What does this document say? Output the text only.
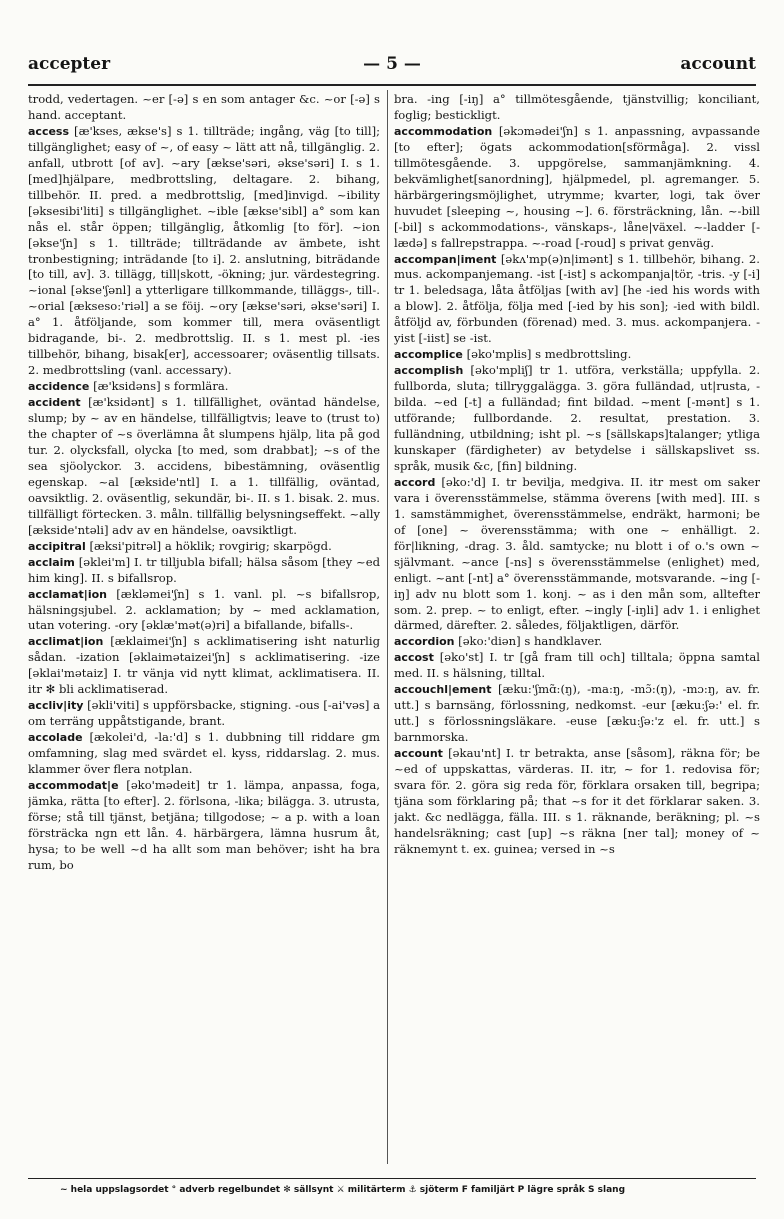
accepter	— 5 —	account

trodd, vedertagen. ~er [-ə] s en som antager &c. ~or [-ə] s hand. acceptant.

access [æ'kses, ækse's] s 1. tillträde; ingång, väg [to till]; tillgänglighet; easy of ~, of easy ~ lätt att nå, tillgänglig. 2. anfall, utbrott [of av]. ~ary [ækse'səri, əkse'səri] I. s 1. [med]hjälpare, medbrottsling, deltagare. 2. bihang, tillbehör. II. pred. a medbrottslig, [med]invigd. ~ibility [əksesibi'liti] s tillgänglighet. ~ible [ækse'sibl] a° som kan nås el. står öppen; tillgänglig, åtkomlig [to för]. ~ion [əkse'ʃn] s 1. tillträde; tillträdande av ämbete, isht tronbestigning; inträdande [to i]. 2. anslutning, biträdande [to till, av]. 3. tillägg, till|skott, -ökning; jur. värdestegring. ~ional [əkse'ʃənl] a ytterligare tillkommande, tilläggs-, till-. ~orial [ækseso:'riəl] a se föij. ~ory [ækse'səri, əkse'səri] I. a° 1. åtföljande, som kommer till, mera oväsentligt bidragande, bi-. 2. medbrottslig. II. s 1. mest pl. -ies tillbehör, bihang, bisak[er], accessoarer; oväsentlig tillsats. 2. medbrottsling (vanl. accessary).

accidence [æ'ksidəns] s formlära.

accident [æ'ksidənt] s 1. tillfällighet, oväntad händelse, slump; by ~ av en händelse, tillfälligtvis; leave to (trust to) the chapter of ~s överlämna åt slumpens hjälp, lita på god tur. 2. olycksfall, olycka [to med, som drabbat]; ~s of the sea sjöolyckor. 3. accidens, bibestämning, oväsentlig egenskap. ~al [ækside'ntl] I. a 1. tillfällig, oväntad, oavsiktlig. 2. oväsentlig, sekundär, bi-. II. s 1. bisak. 2. mus. tillfälligt förtecken. 3. måln. tillfällig belysningseffekt. ~ally [ækside'ntəli] adv av en händelse, oavsiktligt.

accipitral [æksi'pitrəl] a höklik; rovgirig; skarpögd.

acclaim [əklei'm] I. tr tilljubla bifall; hälsa såsom [they ~ed him king]. II. s bifallsrop.

acclamat|ion [ækləmei'ʃn] s 1. vanl. pl. ~s bifallsrop, hälsningsjubel. 2. acklamation; by ~ med acklamation, utan votering. -ory [əklæ'mət(ə)ri] a bifallande, bifalls-.

acclimat|ion [æklaimei'ʃn] s acklimatisering isht naturlig sådan. -ization [əklaimətaizei'ʃn] s acklimatisering. -ize [əklai'mətaiz] I. tr vänja vid nytt klimat, acklimatisera. II. itr ✻ bli acklimatiserad.

accliv|ity [əkli'viti] s uppförsbacke, stigning. -ous [-ai'vəs] a om terräng uppåtstigande, brant.

accolade [ækolei'd, -la:'d] s 1. dubbning till riddare gm omfamning, slag med svärdet el. kyss, riddarslag. 2. mus. klammer över flera notplan.

accommodat|e [əko'mədeit] tr 1. lämpa, anpassa, foga, jämka, rätta [to efter]. 2. förlsona, -lika; bilägga. 3. utrusta, förse; stå till tjänst, betjäna; tillgodose; ~ a p. with a loan försträcka ngn ett lån. 4. härbärgera, lämna husrum åt, hysa; to be well ~d ha allt som man behöver; isht ha bra rum, bo

bra. -ing [-iŋ] a° tillmötesgående, tjänstvillig; konciliant, foglig; bestickligt.

accommodation [əkɔmədei'ʃn] s 1. anpassning, avpassande [to efter]; ögats ackommodation[sförmåga]. 2. vissl tillmötesgående. 3. uppgörelse, sammanjämkning. 4. bekvämlighet[sanordning], hjälpmedel, pl. agremanger. 5. härbärgeringsmöjlighet, utrymme; kvarter, logi, tak över huvudet [sleeping ~, housing ~]. 6. försträckning, lån. ~-bill [-bil] s ackommodations-, vänskaps-, låne|växel. ~-ladder [-lædə] s fallrepstrappa. ~-road [-roud] s privat genväg.

accompan|iment [əkʌ'mp(ə)n|imənt] s 1. tillbehör, bihang. 2. mus. ackompanjemang. -ist [-ist] s ackompanja|tör, -tris. -y [-i] tr 1. beledsaga, låta åtföljas [with av] [he -ied his words with a blow]. 2. åtfölja, följa med [-ied by his son]; -ied with bildl. åtföljd av, förbunden (förenad) med. 3. mus. ackompanjera. -yist [-iist] se -ist.

accomplice [əko'mplis] s medbrottsling.

accomplish [əko'mpliʃ] tr 1. utföra, verkställa; uppfylla. 2. fullborda, sluta; tillryggalägga. 3. göra fulländad, ut|rusta, -bilda. ~ed [-t] a fulländad; fint bildad. ~ment [-mənt] s 1. utförande; fullbordande. 2. resultat, prestation. 3. fulländning, utbildning; isht pl. ~s [sällskaps]talanger; ytliga kunskaper (färdigheter) av betydelse i sällskapslivet ss. språk, musik &c, [fin] bildning.

accord [əko:'d] I. tr bevilja, medgiva. II. itr mest om saker vara i överensstämmelse, stämma överens [with med]. III. s 1. samstämmighet, överensstämmelse, endräkt, harmoni; be of [one] ~ överensstämma; with one ~ enhälligt. 2. för|likning, -drag. 3. åld. samtycke; nu blott i of o.'s own ~ självmant. ~ance [-ns] s överensstämmelse (enlighet) med, enligt. ~ant [-nt] a° överensstämmande, motsvarande. ~ing [-iŋ] adv nu blott som 1. konj. ~ as i den mån som, alltefter som. 2. prep. ~ to enligt, efter. ~ingly [-iŋli] adv 1. i enlighet därmed, därefter. 2. således, följaktligen, därför.

accordion [əko:'diən] s handklaver.

accost [əko'st] I. tr [gå fram till och] tilltala; öppna samtal med. II. s hälsning, tilltal.

accouchl|ement [æku:'ʃmɑ̃:(ŋ), -ma:ŋ, -mɔ̃:(ŋ), -mɔ:ŋ, av. fr. utt.] s barnsäng, förlossning, nedkomst. -eur [æku:ʃə:' el. fr. utt.] s förlossningsläkare. -euse [æku:ʃə:'z el. fr. utt.] s barnmorska.

account [əkau'nt] I. tr betrakta, anse [såsom], räkna för; be ~ed of uppskattas, värderas. II. itr, ~ for 1. redovisa för; svara för. 2. göra sig reda för, förklara orsaken till, begripa; tjäna som förklaring på; that ~s for it det förklarar saken. 3. jakt. &c nedlägga, fälla. III. s 1. räknande, beräkning; pl. ~s handelsräkning; cast [up] ~s räkna [ner tal]; money of ~ räknemynt t. ex. guinea; versed in ~s

~ hela uppslagsordet ° adverb regelbundet ✻ sällsynt ⚔ militärterm ⚓ sjöterm F familjärt P lägre språk S slang
